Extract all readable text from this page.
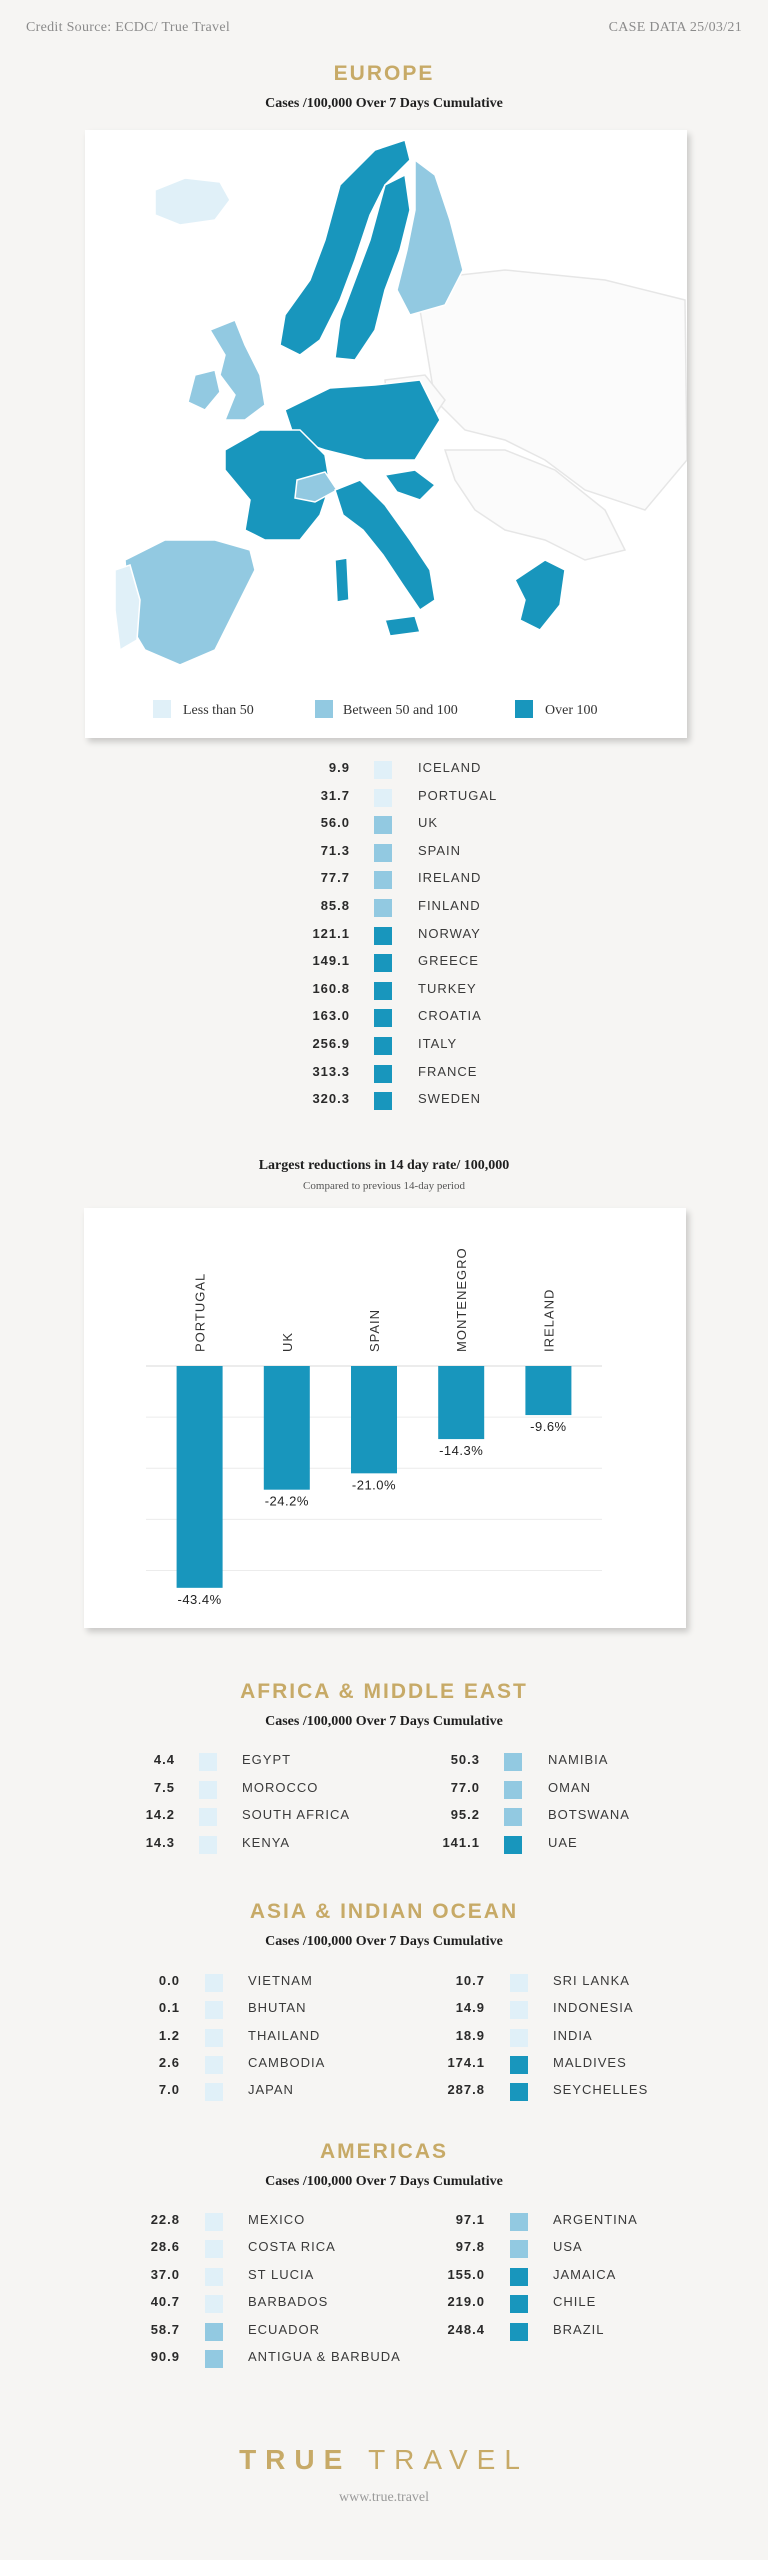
Credit Source: ECDC/ True Travel	CASE DATA 25/03/21
EUROPE
Cases /100,000 Over 7 Days Cumulative
Less than 50	Between 50 and 100	Over 100
9.9	ICELAND
31.7	PORTUGAL
56.0	UK
71.3	SPAIN
77.7	IRELAND
85.8	FINLAND
121.1	NORWAY
149.1	GREECE
160.8	TURKEY
163.0	CROATIA
256.9	ITALY
313.3	FRANCE
320.3	SWEDEN
Largest reductions in 14 day rate/ 100,000
Compared to previous 14-day period
-43.4%
PORTUGAL
-24.2%
UK
-21.0%
SPAIN
-14.3%
MONTENEGRO
-9.6%
IRELAND
AFRICA & MIDDLE EAST
Cases /100,000 Over 7 Days Cumulative
4.4	EGYPT
7.5	MOROCCO
14.2	SOUTH AFRICA
14.3	KENYA
50.3	NAMIBIA
77.0	OMAN
95.2	BOTSWANA
141.1	UAE
ASIA & INDIAN OCEAN
Cases /100,000 Over 7 Days Cumulative
0.0	VIETNAM
0.1	BHUTAN
1.2	THAILAND
2.6	CAMBODIA
7.0	JAPAN
10.7	SRI LANKA
14.9	INDONESIA
18.9	INDIA
174.1	MALDIVES
287.8	SEYCHELLES
AMERICAS
Cases /100,000 Over 7 Days Cumulative
22.8	MEXICO
28.6	COSTA RICA
37.0	ST LUCIA
40.7	BARBADOS
58.7	ECUADOR
90.9	ANTIGUA & BARBUDA
97.1	ARGENTINA
97.8	USA
155.0	JAMAICA
219.0	CHILE
248.4	BRAZIL
TRUE TRAVEL
www.true.travel
